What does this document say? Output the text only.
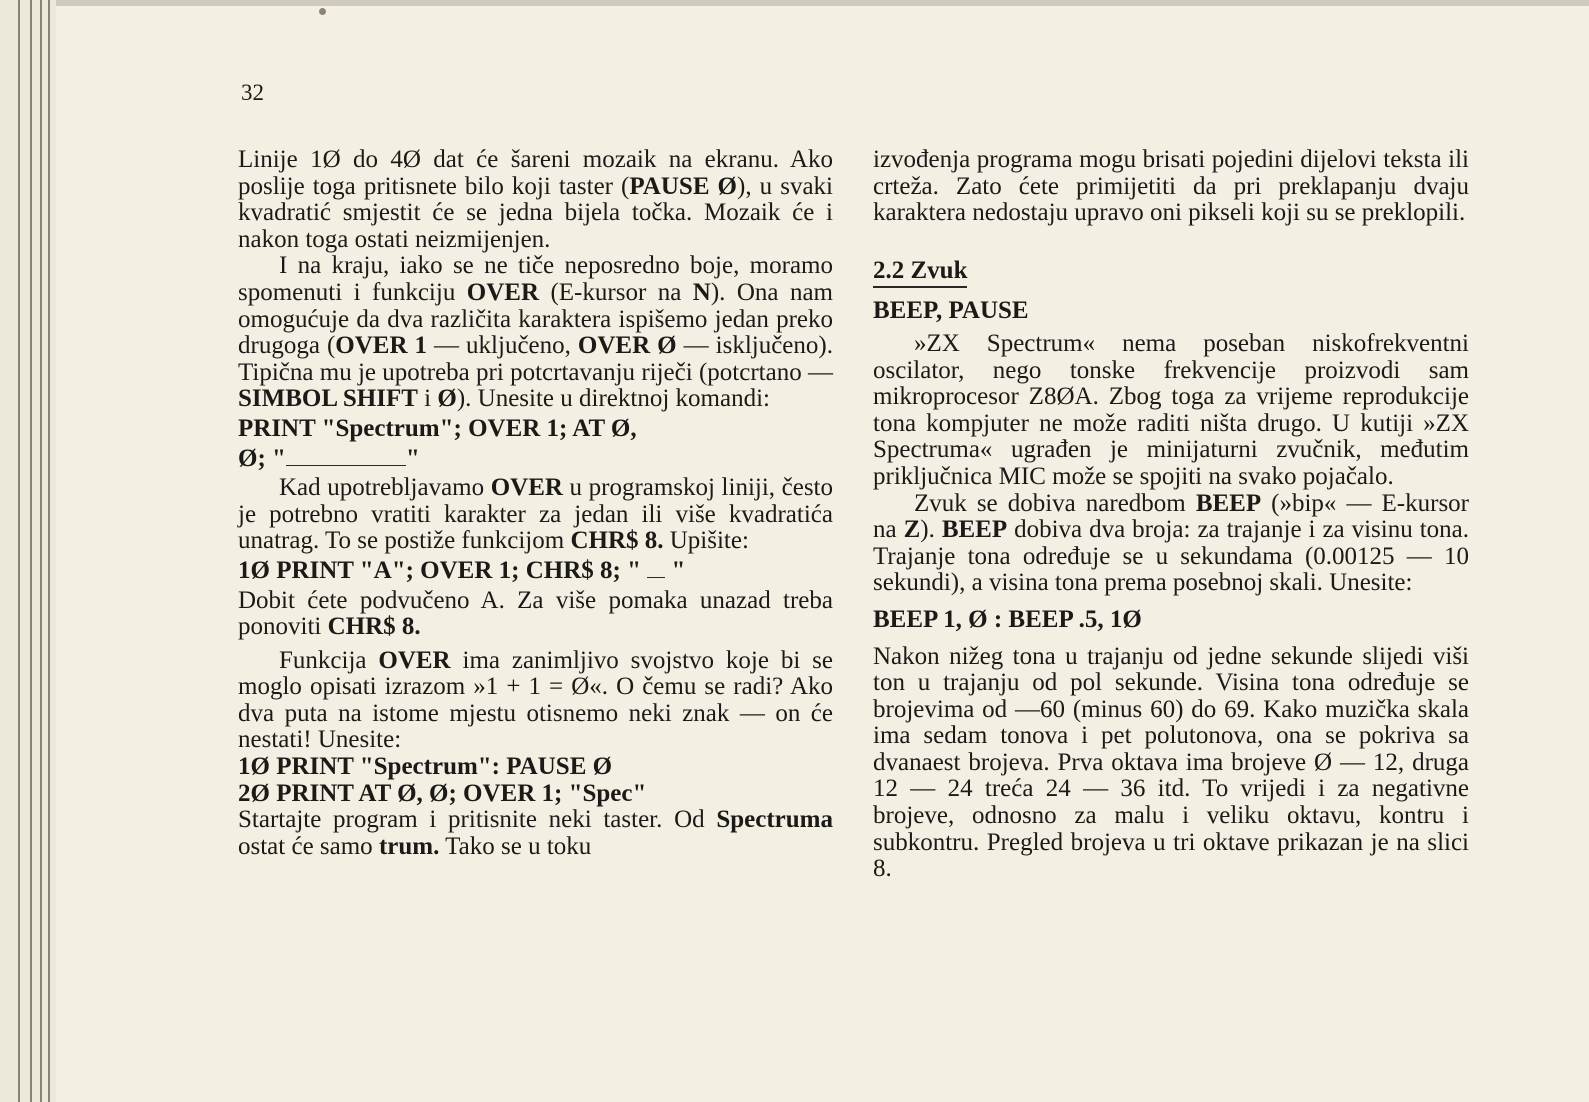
32

Linije 1Ø do 4Ø dat će šareni mozaik na ekranu. Ako poslije toga pritisnete bilo koji taster (PAUSE Ø), u svaki kvadratić smjestit će se jedna bijela točka. Mozaik će i nakon toga ostati neizmijenjen.

I na kraju, iako se ne tiče neposredno boje, moramo spomenuti i funkciju OVER (E-kursor na N). Ona nam omogućuje da dva različita karaktera ispišemo jedan preko drugoga (OVER 1 — uključeno, OVER Ø — isključeno). Tipična mu je upotreba pri potcrtavanju riječi (potcrtano — SIMBOL SHIFT i Ø). Unesite u direktnoj komandi:

PRINT "Spectrum"; OVER 1; AT Ø,

Ø; "	"

Kad upotrebljavamo OVER u programskoj liniji, često je potrebno vratiti karakter za jedan ili više kvadratića unatrag. To se postiže funkcijom CHR$ 8. Upišite:

1Ø PRINT "A"; OVER 1; CHR$ 8; "  "

Dobit ćete podvučeno A. Za više pomaka unazad treba ponoviti CHR$ 8.

Funkcija OVER ima zanimljivo svojstvo koje bi se moglo opisati izrazom »1 + 1 = Ø«. O čemu se radi? Ako dva puta na istome mjestu otisnemo neki znak — on će nestati! Unesite:

1Ø PRINT "Spectrum": PAUSE Ø

2Ø PRINT AT Ø, Ø; OVER 1; "Spec"

Startajte program i pritisnite neki taster. Od Spectruma ostat će samo trum. Tako se u toku

izvođenja programa mogu brisati pojedini dijelovi teksta ili crteža. Zato ćete primijetiti da pri preklapanju dvaju karaktera nedostaju upravo oni pikseli koji su se preklopili.

2.2 Zvuk

BEEP, PAUSE

»ZX Spectrum« nema poseban niskofrekventni oscilator, nego tonske frekvencije proizvodi sam mikroprocesor Z8ØA. Zbog toga za vrijeme reprodukcije tona kompjuter ne može raditi ništa drugo. U kutiji »ZX Spectruma« ugrađen je minijaturni zvučnik, međutim priključnica MIC može se spojiti na svako pojačalo.

Zvuk se dobiva naredbom BEEP (»bip« — E-kursor na Z). BEEP dobiva dva broja: za trajanje i za visinu tona. Trajanje tona određuje se u sekundama (0.00125 — 10 sekundi), a visina tona prema posebnoj skali. Unesite:

BEEP 1, Ø : BEEP .5, 1Ø

Nakon nižeg tona u trajanju od jedne sekunde slijedi viši ton u trajanju od pol sekunde. Visina tona određuje se brojevima od —60 (minus 60) do 69. Kako muzička skala ima sedam tonova i pet polutonova, ona se pokriva sa dvanaest brojeva. Prva oktava ima brojeve Ø — 12, druga 12 — 24 treća 24 — 36 itd. To vrijedi i za negativne brojeve, odnosno za malu i veliku oktavu, kontru i subkontru. Pregled brojeva u tri oktave prikazan je na slici 8.
